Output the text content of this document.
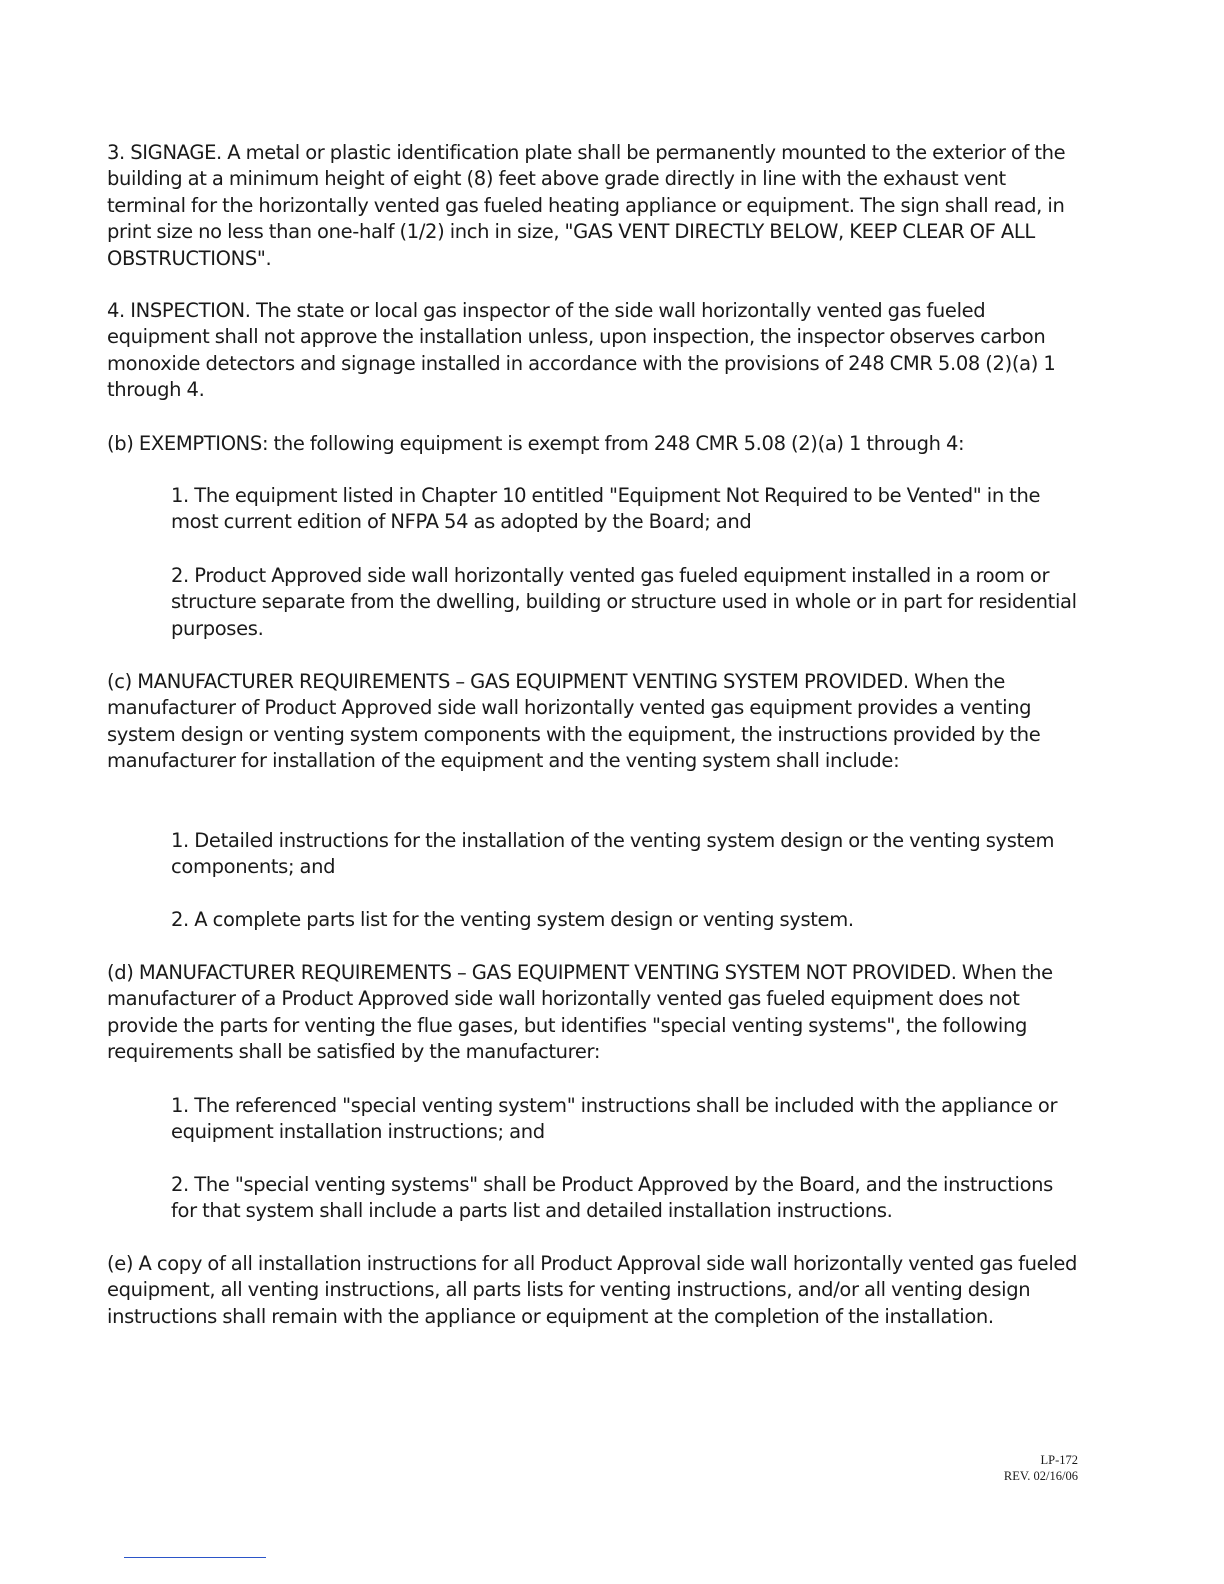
3. SIGNAGE. A metal or plastic identification plate shall be permanently mounted to the exterior of the building at a minimum height of eight (8) feet above grade directly in line with the exhaust vent terminal for the horizontally vented gas fueled heating appliance or equipment. The sign shall read, in print size no less than one-half (1/2) inch in size, "GAS VENT DIRECTLY BELOW, KEEP CLEAR OF ALL OBSTRUCTIONS".

4. INSPECTION. The state or local gas inspector of the side wall horizontally vented gas fueled equipment shall not approve the installation unless, upon inspection, the inspector observes carbon monoxide detectors and signage installed in accordance with the provisions of 248 CMR 5.08 (2)(a) 1 through 4.

(b) EXEMPTIONS: the following equipment is exempt from 248 CMR 5.08 (2)(a) 1 through 4:

1. The equipment listed in Chapter 10 entitled "Equipment Not Required to be Vented" in the most current edition of NFPA 54 as adopted by the Board; and

2. Product Approved side wall horizontally vented gas fueled equipment installed in a room or structure separate from the dwelling, building or structure used in whole or in part for residential purposes.

(c) MANUFACTURER REQUIREMENTS – GAS EQUIPMENT VENTING SYSTEM PROVIDED. When the manufacturer of Product Approved side wall horizontally vented gas equipment provides a venting system design or venting system components with the equipment, the instructions provided by the manufacturer for installation of the equipment and the venting system shall include:

1. Detailed instructions for the installation of the venting system design or the venting system components; and

2. A complete parts list for the venting system design or venting system.

(d) MANUFACTURER REQUIREMENTS – GAS EQUIPMENT VENTING SYSTEM NOT PROVIDED. When the manufacturer of a Product Approved side wall horizontally vented gas fueled equipment does not provide the parts for venting the flue gases, but identifies "special venting systems", the following requirements shall be satisfied by the manufacturer:

1. The referenced "special venting system" instructions shall be included with the appliance or equipment installation instructions; and

2. The "special venting systems" shall be Product Approved by the Board, and the instructions for that system shall include a parts list and detailed installation instructions.

(e) A copy of all installation instructions for all Product Approval side wall horizontally vented gas fueled equipment, all venting instructions, all parts lists for venting instructions, and/or all venting design instructions shall remain with the appliance or equipment at the completion of the installation.

LP-172
REV. 02/16/06
